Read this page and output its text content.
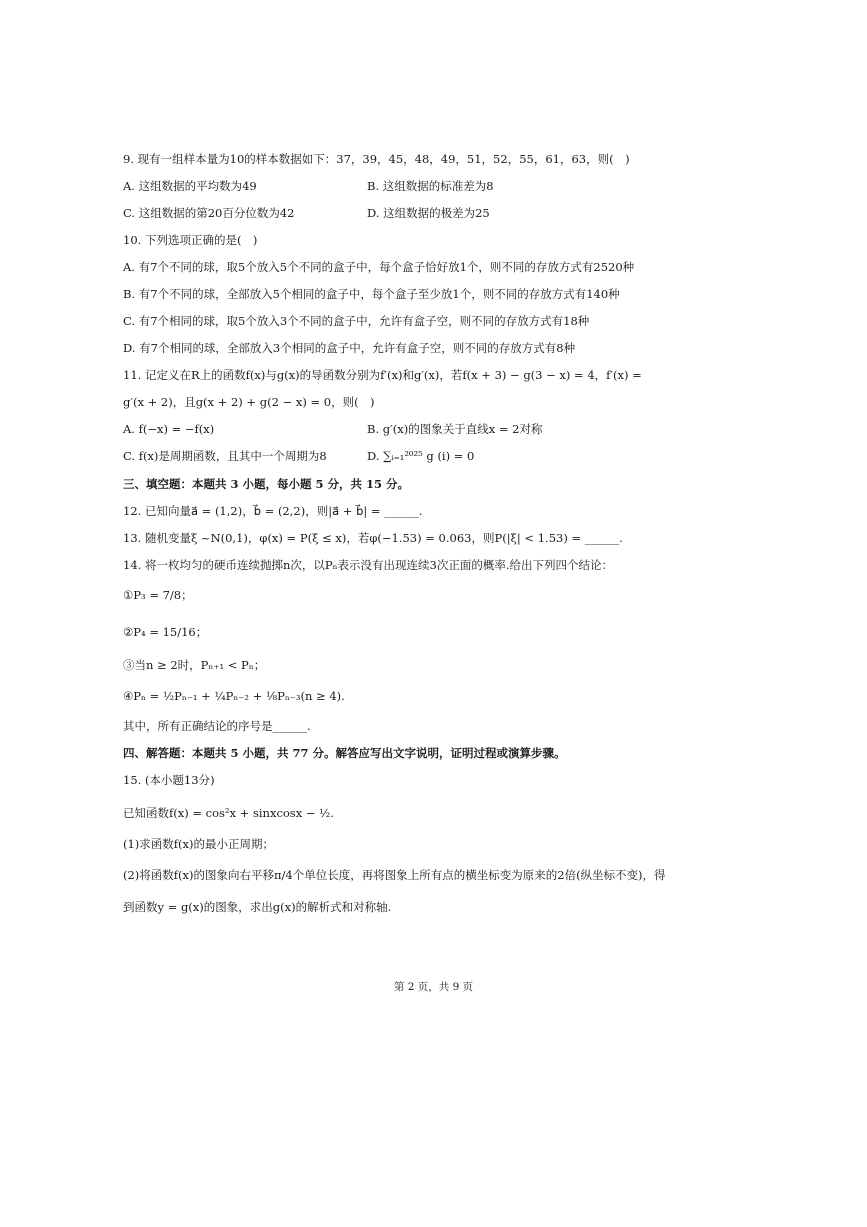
9. 现有一组样本量为10的样本数据如下：37，39，45，48，49，51，52，55，61，63，则(　)
A. 这组数据的平均数为49	B. 这组数据的标准差为8
C. 这组数据的第20百分位数为42	D. 这组数据的极差为25
10. 下列选项正确的是(　)
A. 有7个不同的球，取5个放入5个不同的盒子中，每个盒子恰好放1个，则不同的存放方式有2520种
B. 有7个不同的球，全部放入5个相同的盒子中，每个盒子至少放1个，则不同的存放方式有140种
C. 有7个相同的球，取5个放入3个不同的盒子中，允许有盒子空，则不同的存放方式有18种
D. 有7个相同的球，全部放入3个相同的盒子中，允许有盒子空，则不同的存放方式有8种
11. 记定义在R上的函数f(x)与g(x)的导函数分别为f′(x)和g′(x)，若f(x + 3) − g(3 − x) = 4，f′(x) =
g′(x + 2)，且g(x + 2) + g(2 − x) = 0，则(　)
A. f(−x) = −f(x)	B. g′(x)的图象关于直线x = 2对称
C. f(x)是周期函数，且其中一个周期为8	D. ∑ᵢ₌₁²⁰²⁵ g (i) = 0
三、填空题：本题共 3 小题，每小题 5 分，共 15 分。
12. 已知向量a⃗ = (1,2)，b⃗ = (2,2)，则|a⃗ + b⃗| = ______.
13. 随机变量ξ ~N(0,1)，φ(x) = P(ξ ≤ x)，若φ(−1.53) = 0.063，则P(|ξ| < 1.53) = ______.
14. 将一枚均匀的硬币连续抛掷n次，以Pₙ表示没有出现连续3次正面的概率.给出下列四个结论：
①P₃ = 7/8；
②P₄ = 15/16；
③当n ≥ 2时，Pₙ₊₁ < Pₙ；
④Pₙ = ½Pₙ₋₁ + ¼Pₙ₋₂ + ⅛Pₙ₋₃(n ≥ 4).
其中，所有正确结论的序号是______.
四、解答题：本题共 5 小题，共 77 分。解答应写出文字说明，证明过程或演算步骤。
15. (本小题13分)
已知函数f(x) = cos²x + sinxcosx − ½.
(1)求函数f(x)的最小正周期；
(2)将函数f(x)的图象向右平移π/4个单位长度，再将图象上所有点的横坐标变为原来的2倍(纵坐标不变)，得
到函数y = g(x)的图象，求出g(x)的解析式和对称轴.
第 2 页，共 9 页
